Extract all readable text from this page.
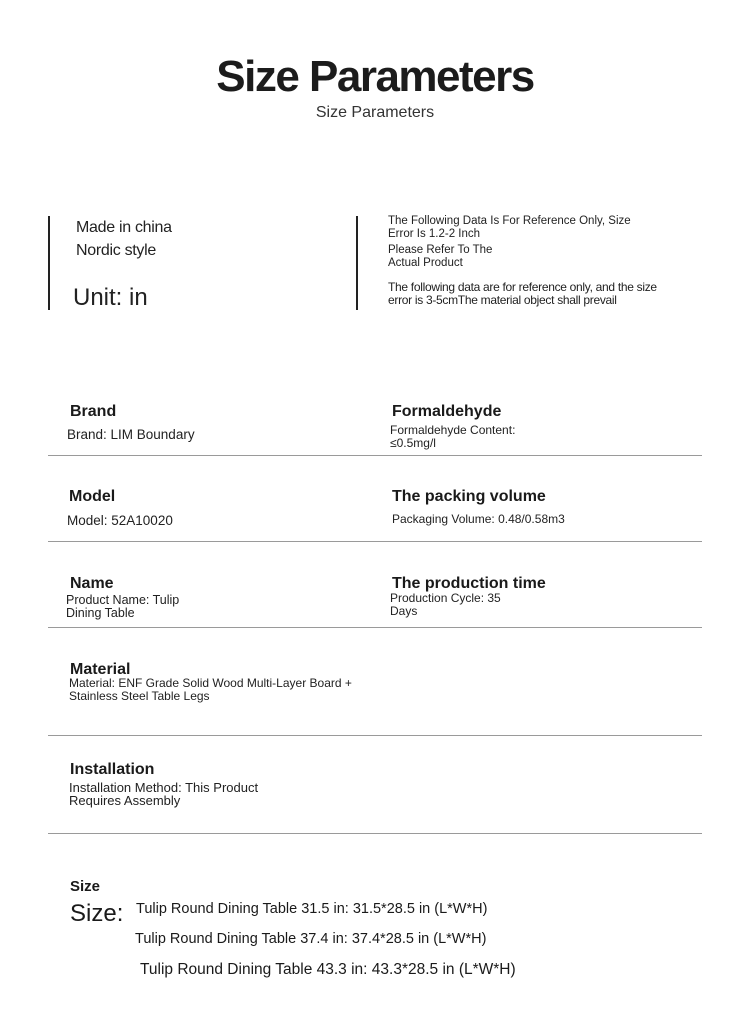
Size Parameters
Size Parameters
Made in china
Nordic style
Unit: in
The Following Data Is For Reference Only, Size
Error Is 1.2-2 Inch
Please Refer To The
Actual Product
The following data are for reference only, and the size
error is 3-5cmThe material object shall prevail
Brand
Brand: LIM Boundary
Formaldehyde
Formaldehyde Content:
≤0.5mg/l
Model
Model: 52A10020
The packing volume
Packaging Volume: 0.48/0.58m3
Name
Product Name: Tulip
Dining Table
The production time
Production Cycle: 35
Days
Material
Material: ENF Grade Solid Wood Multi-Layer Board +
Stainless Steel Table Legs
Installation
Installation Method: This Product
Requires Assembly
Size
Size: Tulip Round Dining Table 31.5 in: 31.5*28.5 in (L*W*H)
Tulip Round Dining Table 37.4 in: 37.4*28.5 in (L*W*H)
Tulip Round Dining Table 43.3 in: 43.3*28.5 in (L*W*H)
